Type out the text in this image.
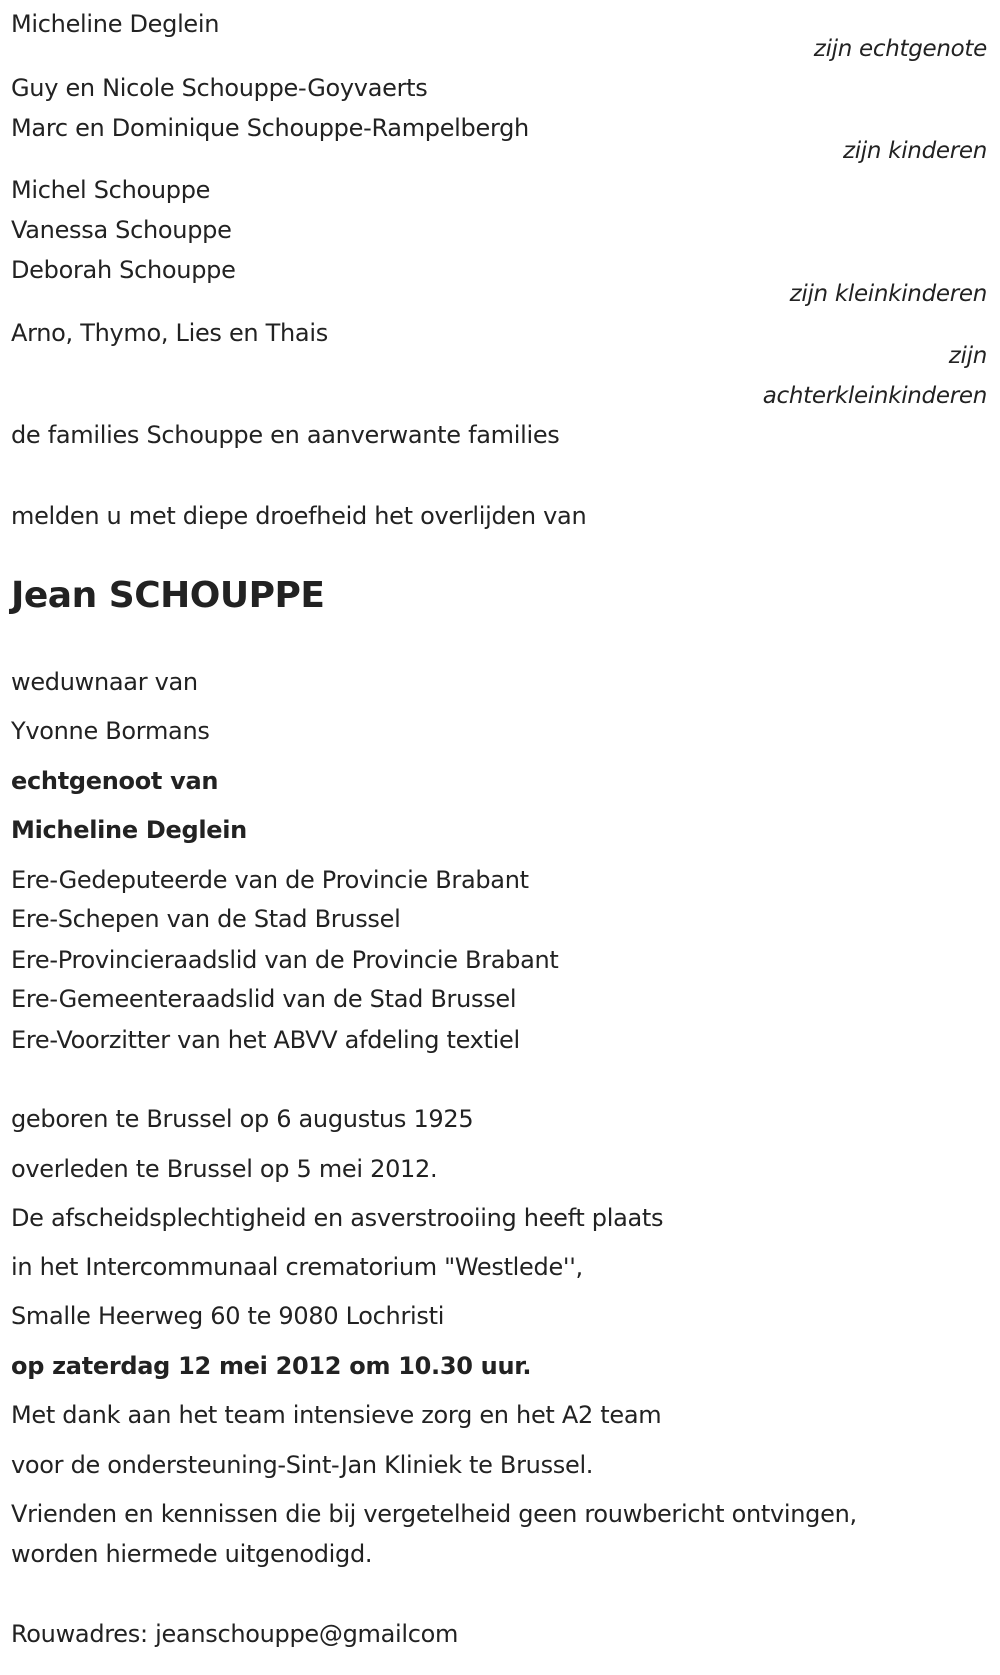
Micheline Deglein
zijn echtgenote
Guy en Nicole Schouppe-Goyvaerts
Marc en Dominique Schouppe-Rampelbergh
zijn kinderen
Michel Schouppe
Vanessa Schouppe
Deborah Schouppe
zijn kleinkinderen
Arno, Thymo, Lies en Thais
zijn
achterkleinkinderen
de families Schouppe en aanverwante families
melden u met diepe droefheid het overlijden van
Jean SCHOUPPE
weduwnaar van
Yvonne Bormans
echtgenoot van
Micheline Deglein
Ere-Gedeputeerde van de Provincie Brabant
Ere-Schepen van de Stad Brussel
Ere-Provincieraadslid van de Provincie Brabant
Ere-Gemeenteraadslid van de Stad Brussel
Ere-Voorzitter van het ABVV afdeling textiel
geboren te Brussel op 6 augustus 1925
overleden te Brussel op 5 mei 2012.
De afscheidsplechtigheid en asverstrooiing heeft plaats
in het Intercommunaal crematorium "Westlede'',
Smalle Heerweg 60 te 9080 Lochristi
op zaterdag 12 mei 2012 om 10.30 uur.
Met dank aan het team intensieve zorg en het A2 team
voor de ondersteuning-Sint-Jan Kliniek te Brussel.
Vrienden en kennissen die bij vergetelheid geen rouwbericht ontvingen,
worden hiermede uitgenodigd.
Rouwadres: jeanschouppe@gmailcom
